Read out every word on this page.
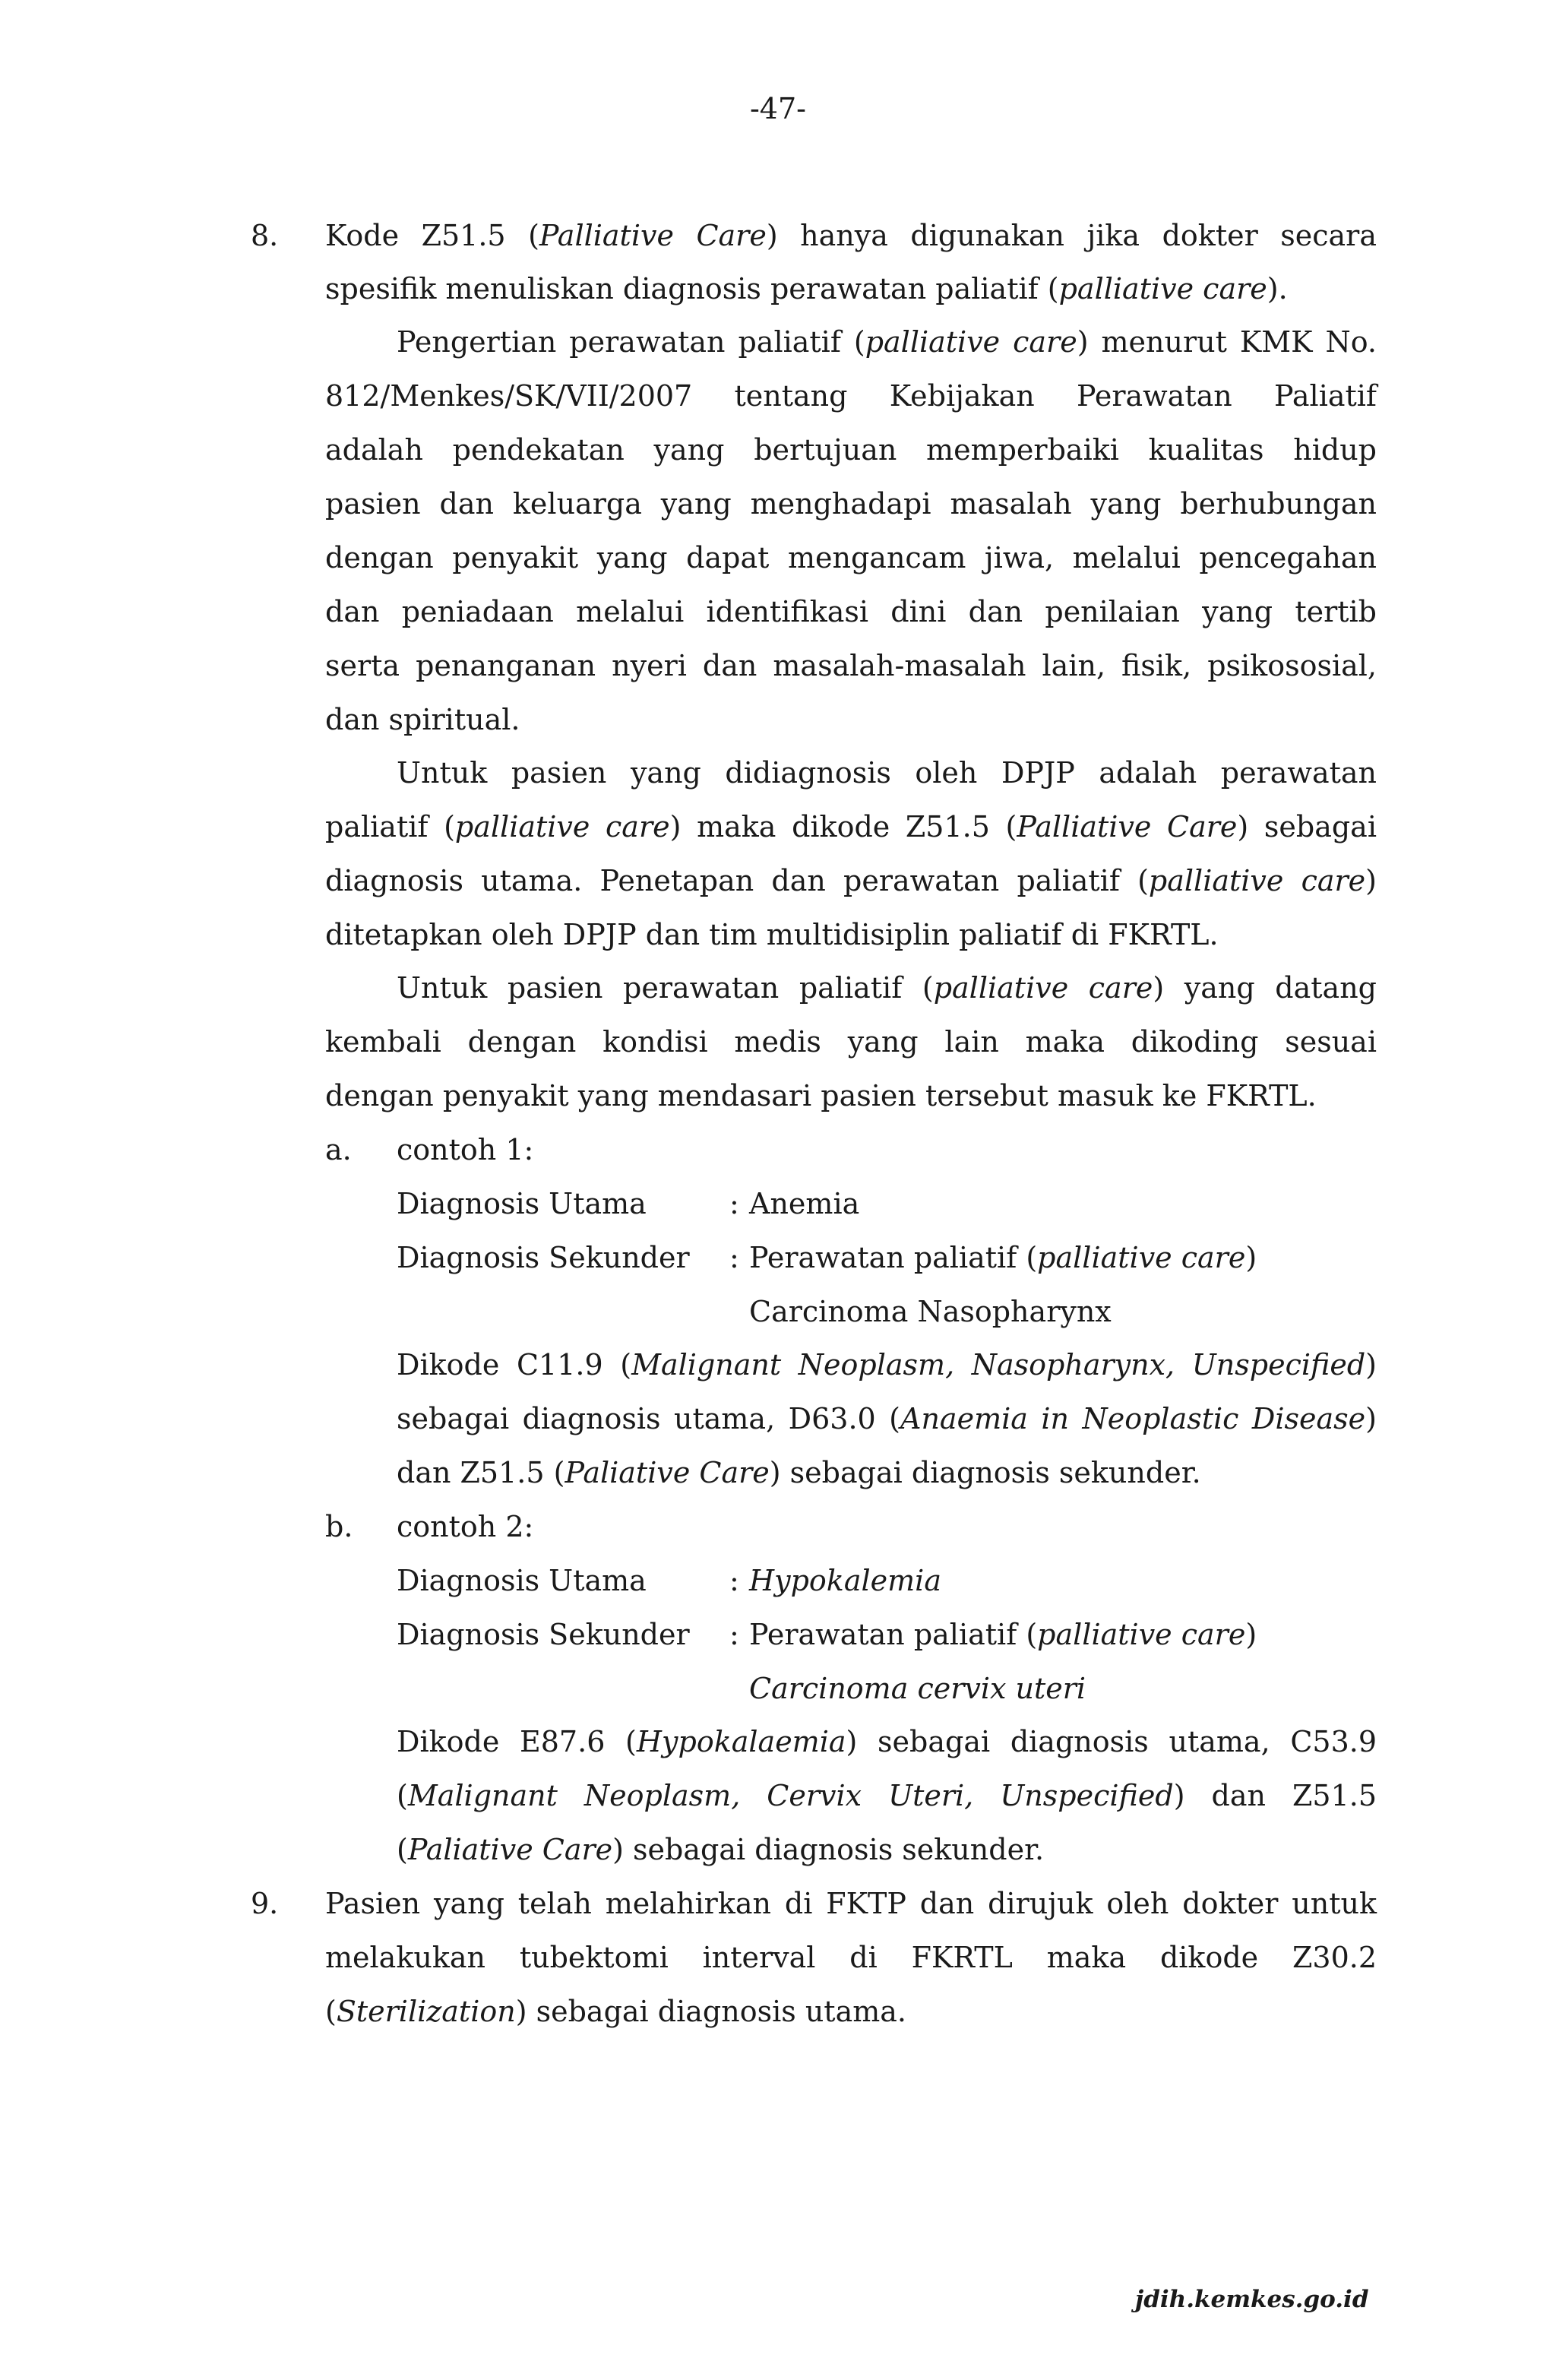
-47-
8. Kode Z51.5 (Palliative Care) hanya digunakan jika dokter secara
spesifik menuliskan diagnosis perawatan paliatif (palliative care).
Pengertian perawatan paliatif (palliative care) menurut KMK No.
812/Menkes/SK/VII/2007 tentang Kebijakan Perawatan Paliatif
adalah pendekatan yang bertujuan memperbaiki kualitas hidup
pasien dan keluarga yang menghadapi masalah yang berhubungan
dengan penyakit yang dapat mengancam jiwa, melalui pencegahan
dan peniadaan melalui identifikasi dini dan penilaian yang tertib
serta penanganan nyeri dan masalah-masalah lain, fisik, psikososial,
dan spiritual.
Untuk pasien yang didiagnosis oleh DPJP adalah perawatan
paliatif (palliative care) maka dikode Z51.5 (Palliative Care) sebagai
diagnosis utama. Penetapan dan perawatan paliatif (palliative care)
ditetapkan oleh DPJP dan tim multidisiplin paliatif di FKRTL.
Untuk pasien perawatan paliatif (palliative care) yang datang
kembali dengan kondisi medis yang lain maka dikoding sesuai
dengan penyakit yang mendasari pasien tersebut masuk ke FKRTL.
a. contoh 1:
Diagnosis Utama	: Anemia
Diagnosis Sekunder : Perawatan paliatif (palliative care)
Carcinoma Nasopharynx
Dikode C11.9 (Malignant Neoplasm, Nasopharynx, Unspecified)
sebagai diagnosis utama, D63.0 (Anaemia in Neoplastic Disease)
dan Z51.5 (Paliative Care) sebagai diagnosis sekunder.
b. contoh 2:
Diagnosis Utama	: Hypokalemia
Diagnosis Sekunder : Perawatan paliatif (palliative care)
Carcinoma cervix uteri
Dikode E87.6 (Hypokalaemia) sebagai diagnosis utama, C53.9
(Malignant Neoplasm, Cervix Uteri, Unspecified) dan Z51.5
(Paliative Care) sebagai diagnosis sekunder.
9. Pasien yang telah melahirkan di FKTP dan dirujuk oleh dokter untuk
melakukan tubektomi interval di FKRTL maka dikode Z30.2
(Sterilization) sebagai diagnosis utama.
jdih.kemkes.go.id
